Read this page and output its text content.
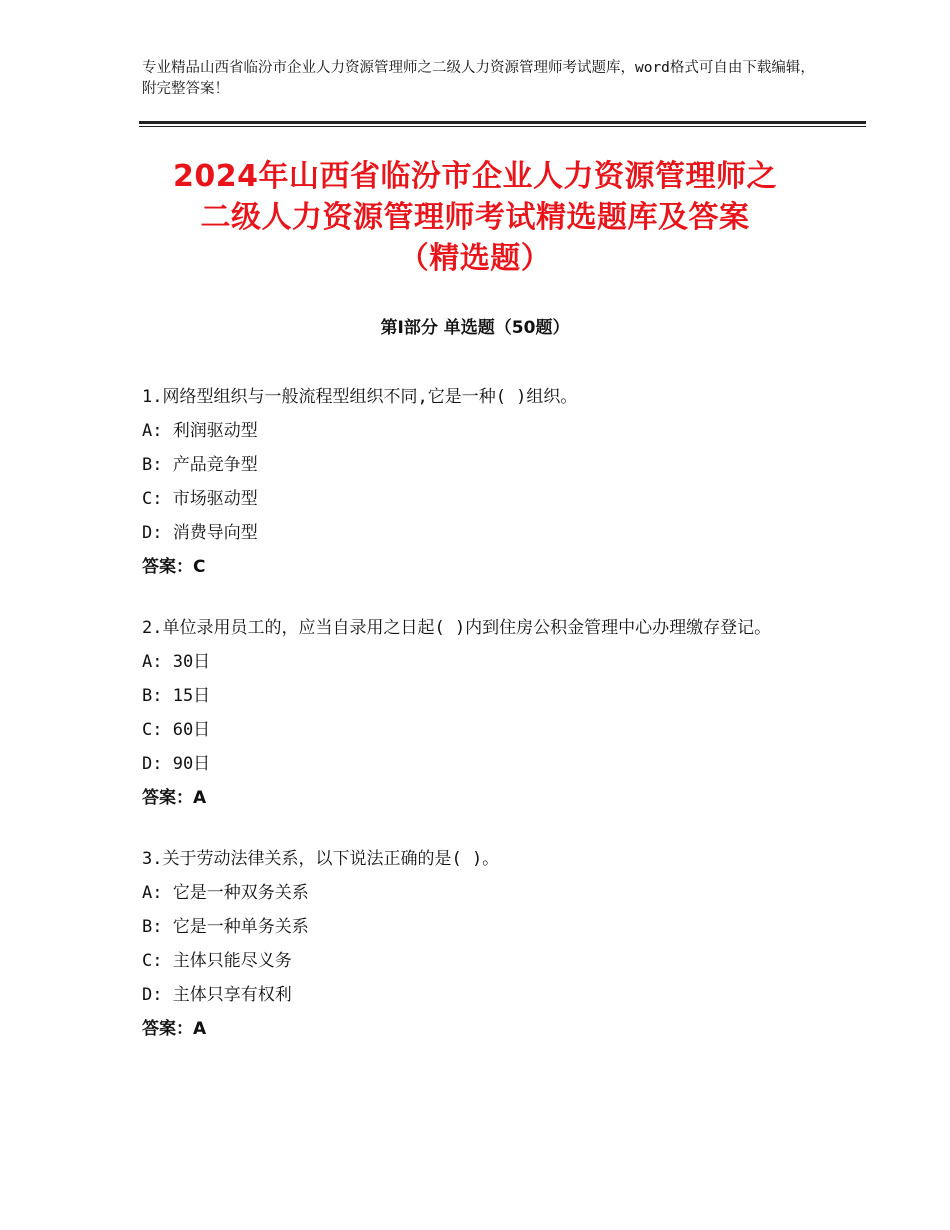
专业精品山西省临汾市企业人力资源管理师之二级人力资源管理师考试题库，word格式可自由下载编辑，附完整答案！
2024年山西省临汾市企业人力资源管理师之
二级人力资源管理师考试精选题库及答案
（精选题）
第Ⅰ部分 单选题（50题）

1.网络型组织与一般流程型组织不同,它是一种( )组织。

A: 利润驱动型

B: 产品竞争型

C: 市场驱动型

D: 消费导向型

答案：C

2.单位录用员工的，应当自录用之日起( )内到住房公积金管理中心办理缴存登记。

A: 30日

B: 15日

C: 60日

D: 90日

答案：A

3.关于劳动法律关系，以下说法正确的是( )。

A: 它是一种双务关系

B: 它是一种单务关系

C: 主体只能尽义务

D: 主体只享有权利

答案：A
